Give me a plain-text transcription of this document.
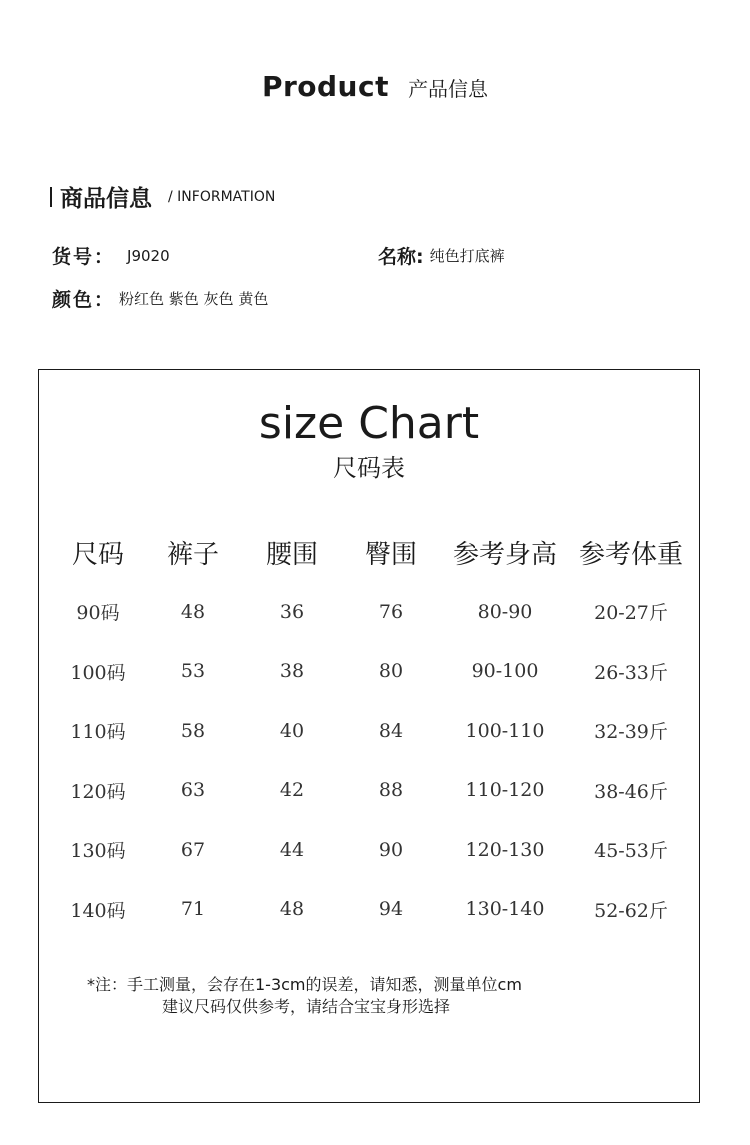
Product 产品信息
商品信息 / INFORMATION
货号： J9020	名称: 纯色打底裤
颜色： 粉红色 紫色 灰色 黄色
size Chart
尺码表
尺码	裤子	腰围	臀围	参考身高	参考体重
90码	48	36	76	80-90	20-27斤
100码	53	38	80	90-100	26-33斤
110码	58	40	84	100-110	32-39斤
120码	63	42	88	110-120	38-46斤
130码	67	44	90	120-130	45-53斤
140码	71	48	94	130-140	52-62斤
*注：手工测量，会存在1-3cm的误差，请知悉，测量单位cm
建议尺码仅供参考，请结合宝宝身形选择
